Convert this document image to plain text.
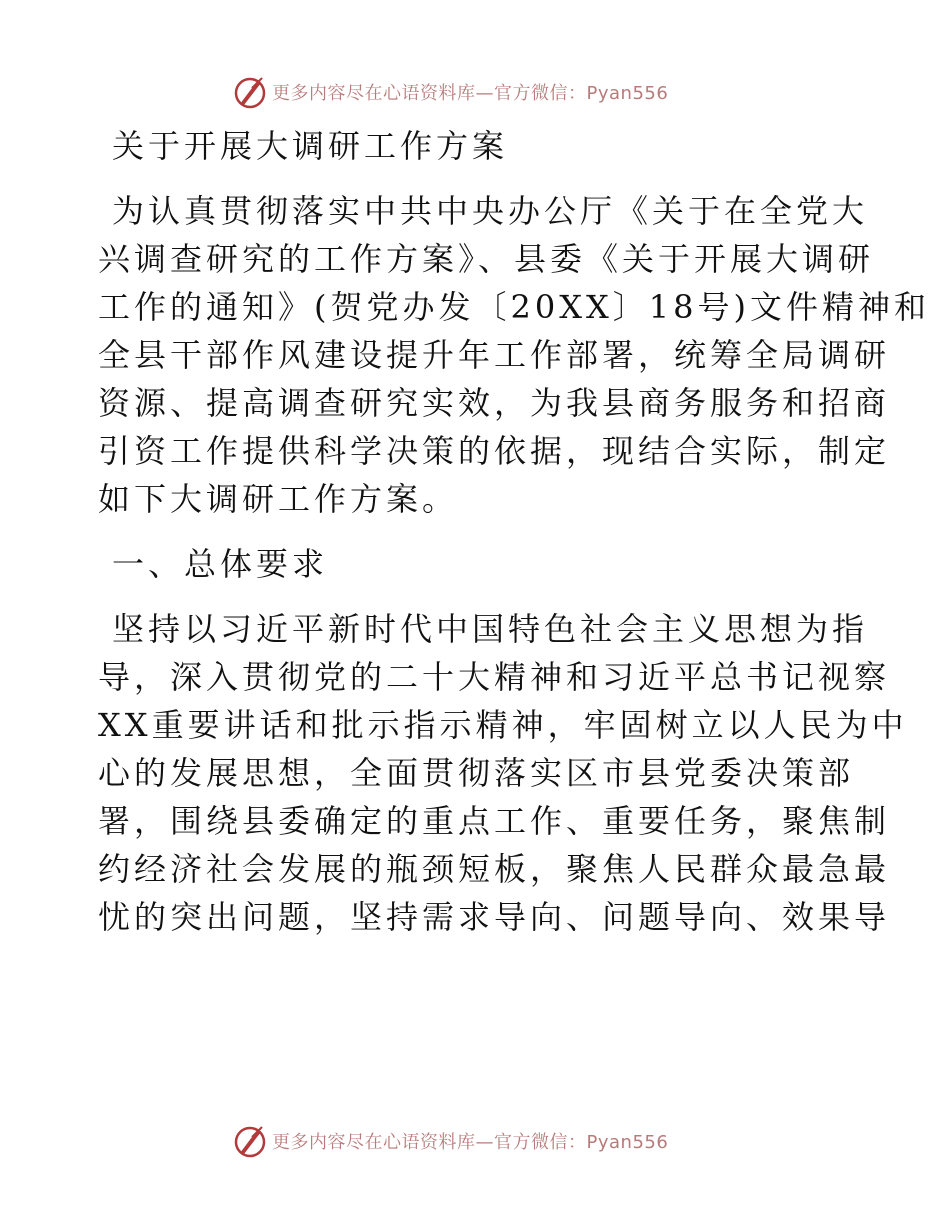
更多内容尽在心语资料库—官方微信：Pyan556
关于开展大调研工作方案
为认真贯彻落实中共中央办公厅《关于在全党大
兴调查研究的工作方案》、县委《关于开展大调研
工作的通知》(贺党办发〔20XX〕18号)文件精神和
全县干部作风建设提升年工作部署，统筹全局调研
资源、提高调查研究实效，为我县商务服务和招商
引资工作提供科学决策的依据，现结合实际，制定
如下大调研工作方案。
一、总体要求
坚持以习近平新时代中国特色社会主义思想为指
导，深入贯彻党的二十大精神和习近平总书记视察
XX重要讲话和批示指示精神，牢固树立以人民为中
心的发展思想，全面贯彻落实区市县党委决策部
署，围绕县委确定的重点工作、重要任务，聚焦制
约经济社会发展的瓶颈短板，聚焦人民群众最急最
忧的突出问题，坚持需求导向、问题导向、效果导
更多内容尽在心语资料库—官方微信：Pyan556
